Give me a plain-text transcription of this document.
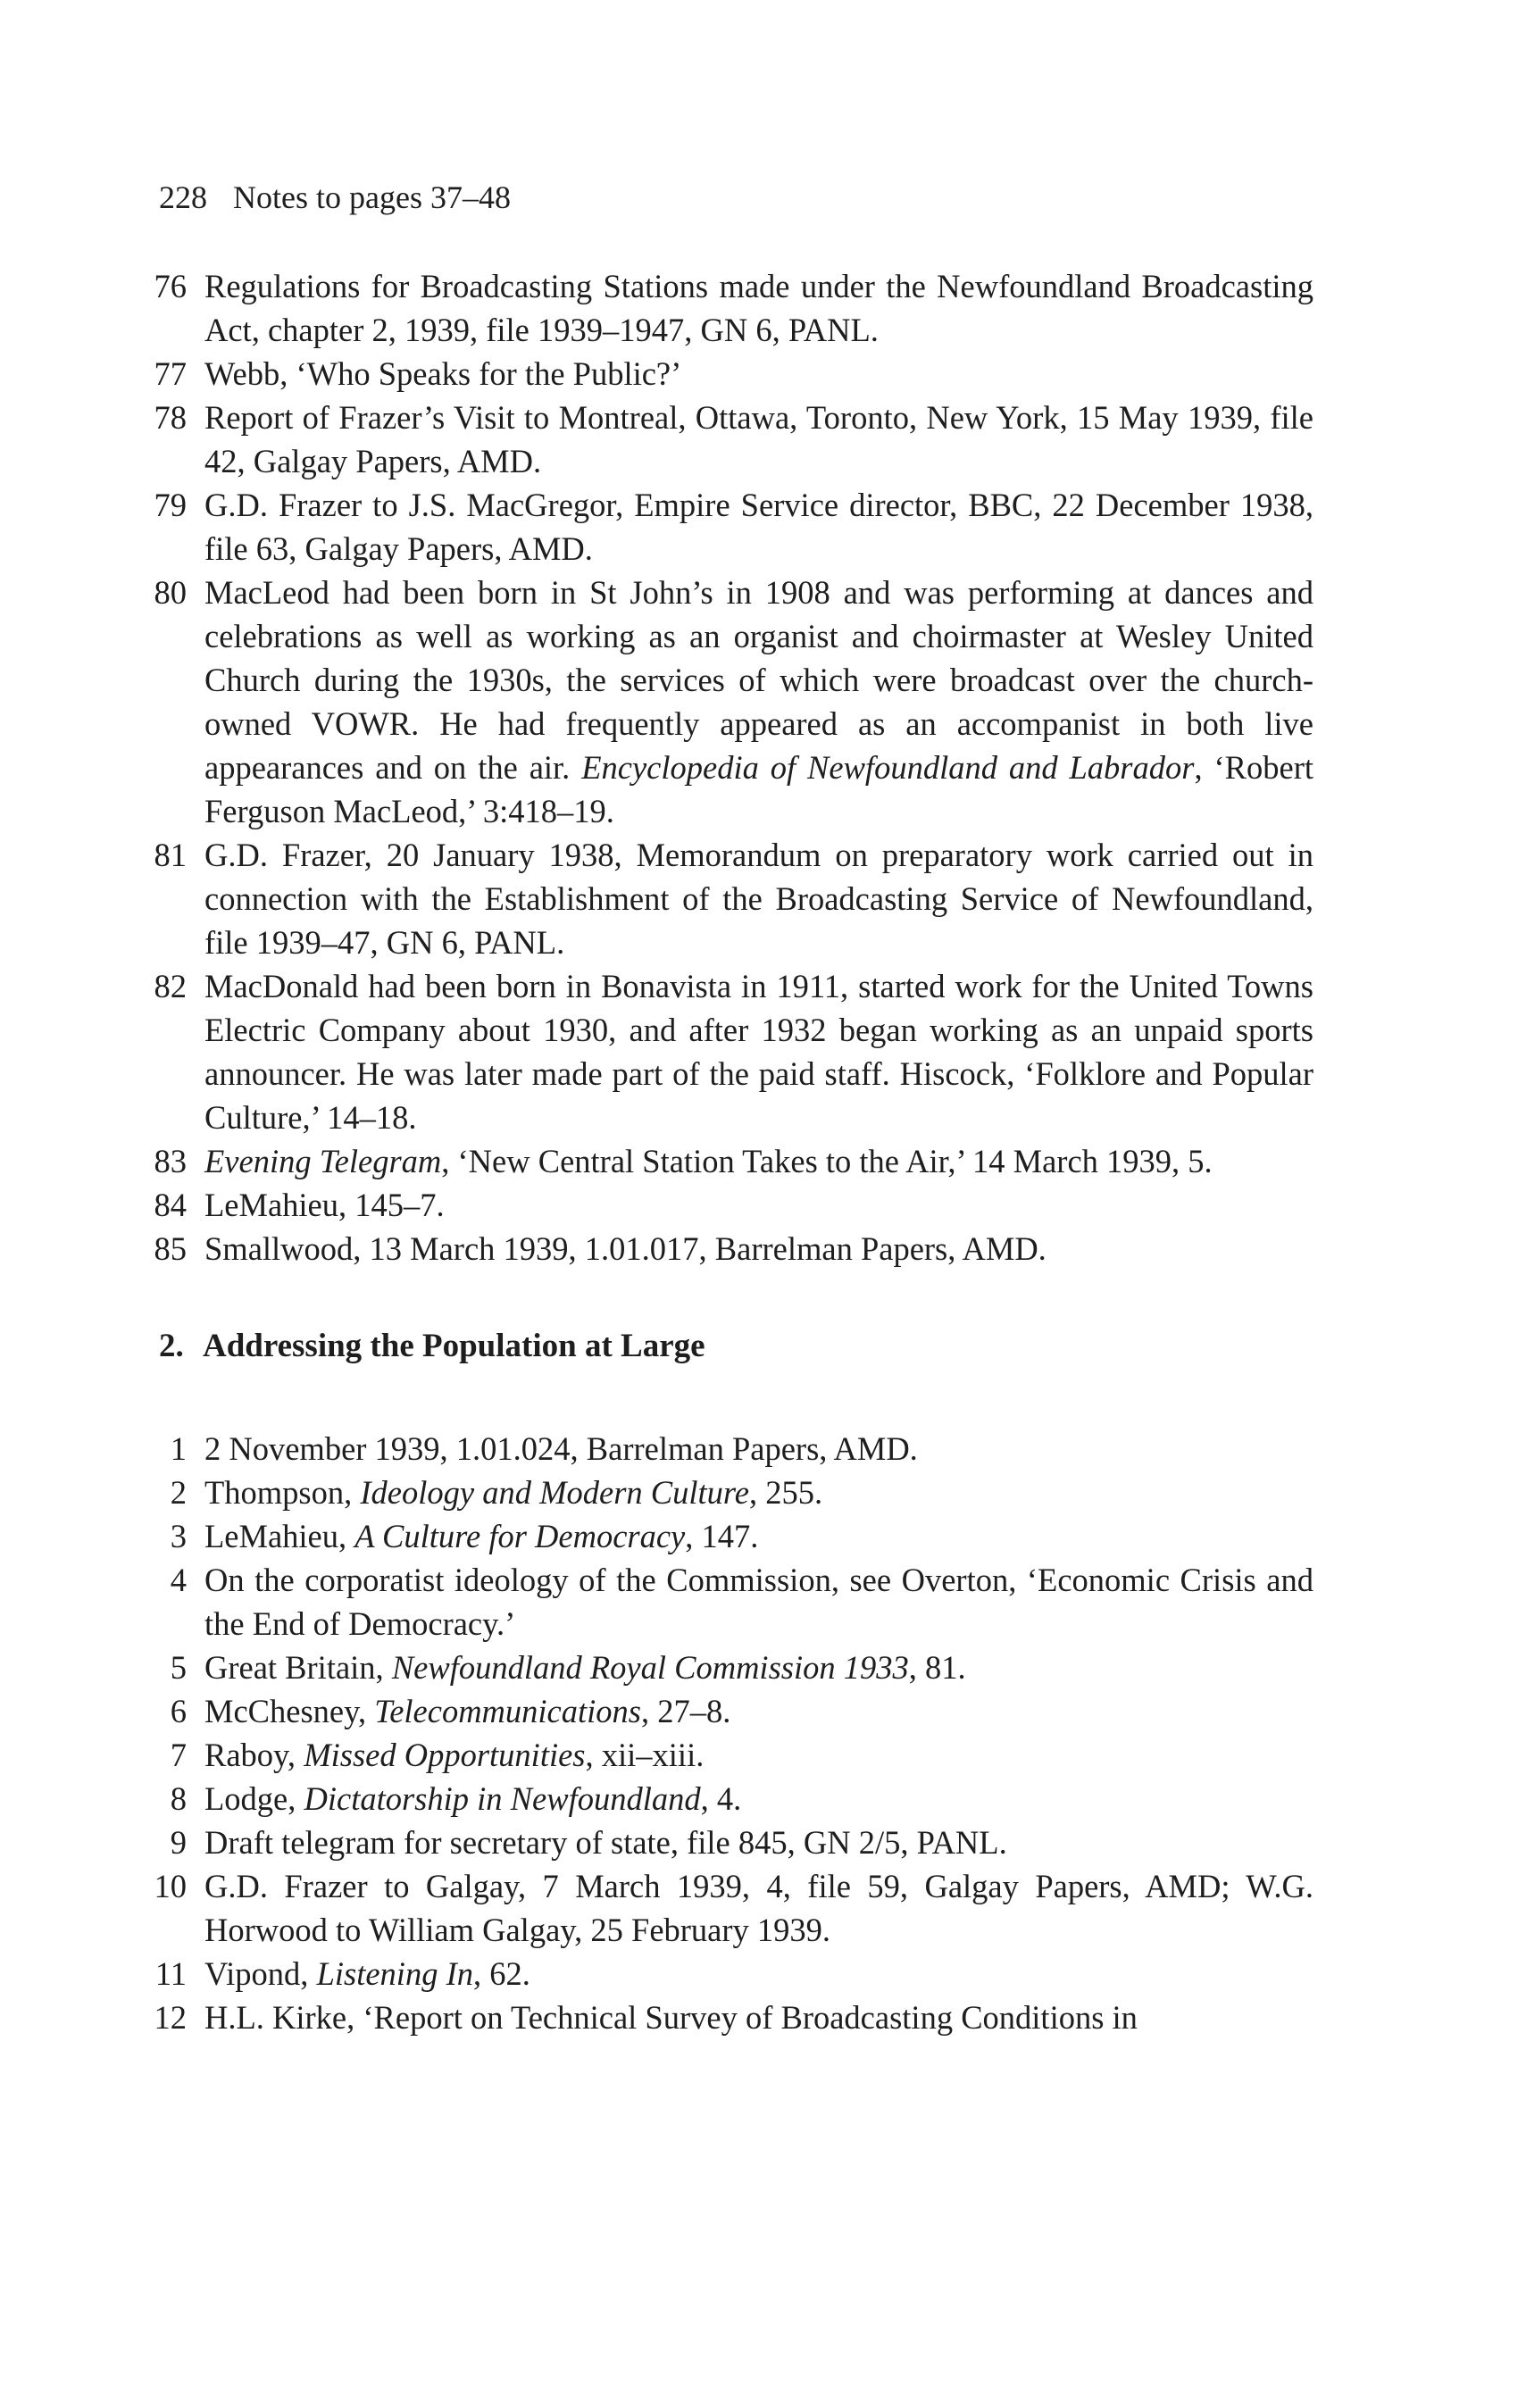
228 Notes to pages 37–48
76 Regulations for Broadcasting Stations made under the Newfoundland Broadcasting Act, chapter 2, 1939, file 1939–1947, GN 6, PANL.
77 Webb, ‘Who Speaks for the Public?’
78 Report of Frazer’s Visit to Montreal, Ottawa, Toronto, New York, 15 May 1939, file 42, Galgay Papers, AMD.
79 G.D. Frazer to J.S. MacGregor, Empire Service director, BBC, 22 December 1938, file 63, Galgay Papers, AMD.
80 MacLeod had been born in St John’s in 1908 and was performing at dances and celebrations as well as working as an organist and choirmaster at Wesley United Church during the 1930s, the services of which were broadcast over the church-owned VOWR. He had frequently appeared as an accompanist in both live appearances and on the air. Encyclopedia of Newfoundland and Labrador, ‘Robert Ferguson MacLeod,’ 3:418–19.
81 G.D. Frazer, 20 January 1938, Memorandum on preparatory work carried out in connection with the Establishment of the Broadcasting Service of Newfoundland, file 1939–47, GN 6, PANL.
82 MacDonald had been born in Bonavista in 1911, started work for the United Towns Electric Company about 1930, and after 1932 began working as an unpaid sports announcer. He was later made part of the paid staff. Hiscock, ‘Folklore and Popular Culture,’ 14–18.
83 Evening Telegram, ‘New Central Station Takes to the Air,’ 14 March 1939, 5.
84 LeMahieu, 145–7.
85 Smallwood, 13 March 1939, 1.01.017, Barrelman Papers, AMD.
2. Addressing the Population at Large
1 2 November 1939, 1.01.024, Barrelman Papers, AMD.
2 Thompson, Ideology and Modern Culture, 255.
3 LeMahieu, A Culture for Democracy, 147.
4 On the corporatist ideology of the Commission, see Overton, ‘Economic Crisis and the End of Democracy.’
5 Great Britain, Newfoundland Royal Commission 1933, 81.
6 McChesney, Telecommunications, 27–8.
7 Raboy, Missed Opportunities, xii–xiii.
8 Lodge, Dictatorship in Newfoundland, 4.
9 Draft telegram for secretary of state, file 845, GN 2/5, PANL.
10 G.D. Frazer to Galgay, 7 March 1939, 4, file 59, Galgay Papers, AMD; W.G. Horwood to William Galgay, 25 February 1939.
11 Vipond, Listening In, 62.
12 H.L. Kirke, ‘Report on Technical Survey of Broadcasting Conditions in
